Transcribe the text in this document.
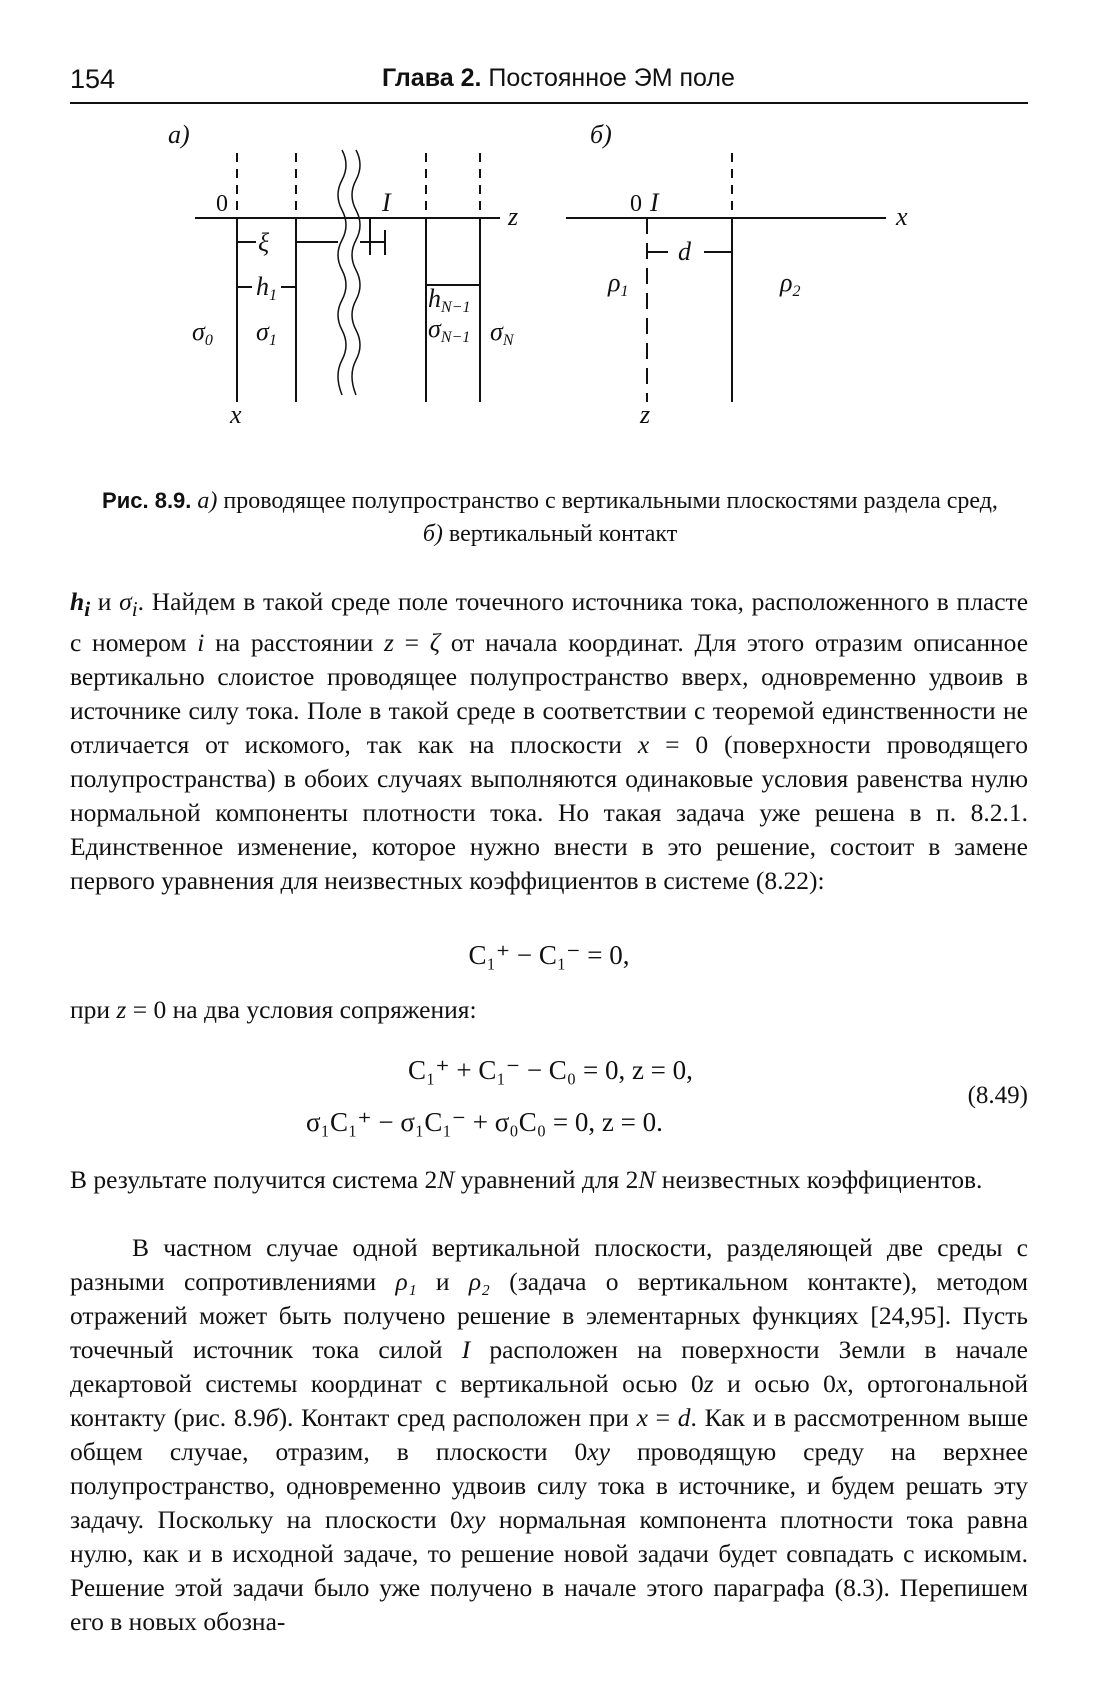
154	Глава 2. Постоянное ЭМ поле
а)
0	I	z
x
ξ
h1	hN−1
σ0 σ1	σN−1 σN
б)
0 I	x
z
d
ρ1	ρ2
Рис. 8.9. а) проводящее полупространство с вертикальными плоскостями раздела сред, б) вертикальный контакт

$h_i$ и $\sigma_i$. Найдем в такой среде поле точечного источника тока, расположенного в пласте с номером i на расстоянии z = ζ от начала координат. Для этого отразим описанное вертикально слоистое проводящее полупространство вверх, одновременно удвоив в источнике силу тока. Поле в такой среде в соответствии с теоремой единственности не отличается от искомого, так как на плоскости x = 0 (поверхности проводящего полупространства) в обоих случаях выполняются одинаковые условия равенства нулю нормальной компоненты плотности тока. Но такая задача уже решена в п. 8.2.1. Единственное изменение, которое нужно внести в это решение, состоит в замене первого уравнения для неизвестных коэффициентов в системе (8.22):

C₁⁺ − C₁⁻ = 0,

при z = 0 на два условия сопряжения:

C₁⁺ + C₁⁻ − C₀ = 0, z = 0,
σ₁C₁⁺ − σ₁C₁⁻ + σ₀C₀ = 0, z = 0.
(8.49)

В результате получится система 2N уравнений для 2N неизвестных коэффициентов.

В частном случае одной вертикальной плоскости, разделяющей две среды с разными сопротивлениями ρ₁ и ρ₂ (задача о вертикальном контакте), методом отражений может быть получено решение в элементарных функциях [24,95]. Пусть точечный источник тока силой I расположен на поверхности Земли в начале декартовой системы координат с вертикальной осью 0z и осью 0x, ортогональной контакту (рис. 8.9б). Контакт сред расположен при x = d. Как и в рассмотренном выше общем случае, отразим, в плоскости 0xy проводящую среду на верхнее полупространство, одновременно удвоив силу тока в источнике, и будем решать эту задачу. Поскольку на плоскости 0xy нормальная компонента плотности тока равна нулю, как и в исходной задаче, то решение новой задачи будет совпадать с искомым. Решение этой задачи было уже получено в начале этого параграфа (8.3). Перепишем его в новых обозна-
